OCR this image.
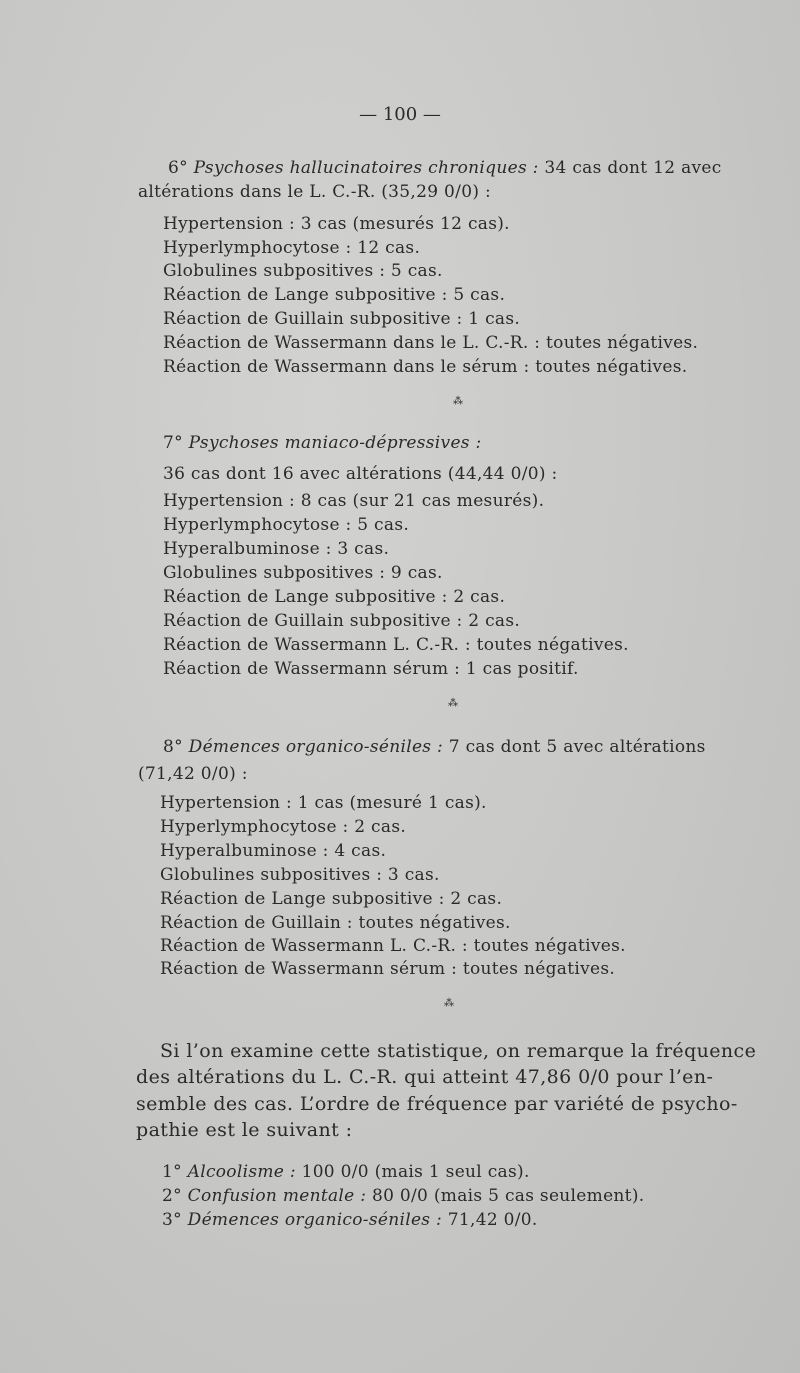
— 100 —
6° Psychoses hallucinatoires chroniques : 34 cas dont 12 avec
altérations dans le L. C.-R. (35,29 0/0) :
Hypertension : 3 cas (mesurés 12 cas).
Hyperlymphocytose : 12 cas.
Globulines subpositives : 5 cas.
Réaction de Lange subpositive : 5 cas.
Réaction de Guillain subpositive : 1 cas.
Réaction de Wassermann dans le L. C.-R. : toutes négatives.
Réaction de Wassermann dans le sérum : toutes négatives.
⁂
7° Psychoses maniaco-dépressives :
36 cas dont 16 avec altérations (44,44 0/0) :
Hypertension : 8 cas (sur 21 cas mesurés).
Hyperlymphocytose : 5 cas.
Hyperalbuminose : 3 cas.
Globulines subpositives : 9 cas.
Réaction de Lange subpositive : 2 cas.
Réaction de Guillain subpositive : 2 cas.
Réaction de Wassermann L. C.-R. : toutes négatives.
Réaction de Wassermann sérum : 1 cas positif.
⁂
8° Démences organico-séniles : 7 cas dont 5 avec altérations
(71,42 0/0) :
Hypertension : 1 cas (mesuré 1 cas).
Hyperlymphocytose : 2 cas.
Hyperalbuminose : 4 cas.
Globulines subpositives : 3 cas.
Réaction de Lange subpositive : 2 cas.
Réaction de Guillain : toutes négatives.
Réaction de Wassermann L. C.-R. : toutes négatives.
Réaction de Wassermann sérum : toutes négatives.
⁂
Si l’on examine cette statistique, on remarque la fréquence
des altérations du L. C.-R. qui atteint 47,86 0/0 pour l’en-
semble des cas. L’ordre de fréquence par variété de psycho-
pathie est le suivant :
1° Alcoolisme : 100 0/0 (mais 1 seul cas).
2° Confusion mentale : 80 0/0 (mais 5 cas seulement).
3° Démences organico-séniles : 71,42 0/0.
